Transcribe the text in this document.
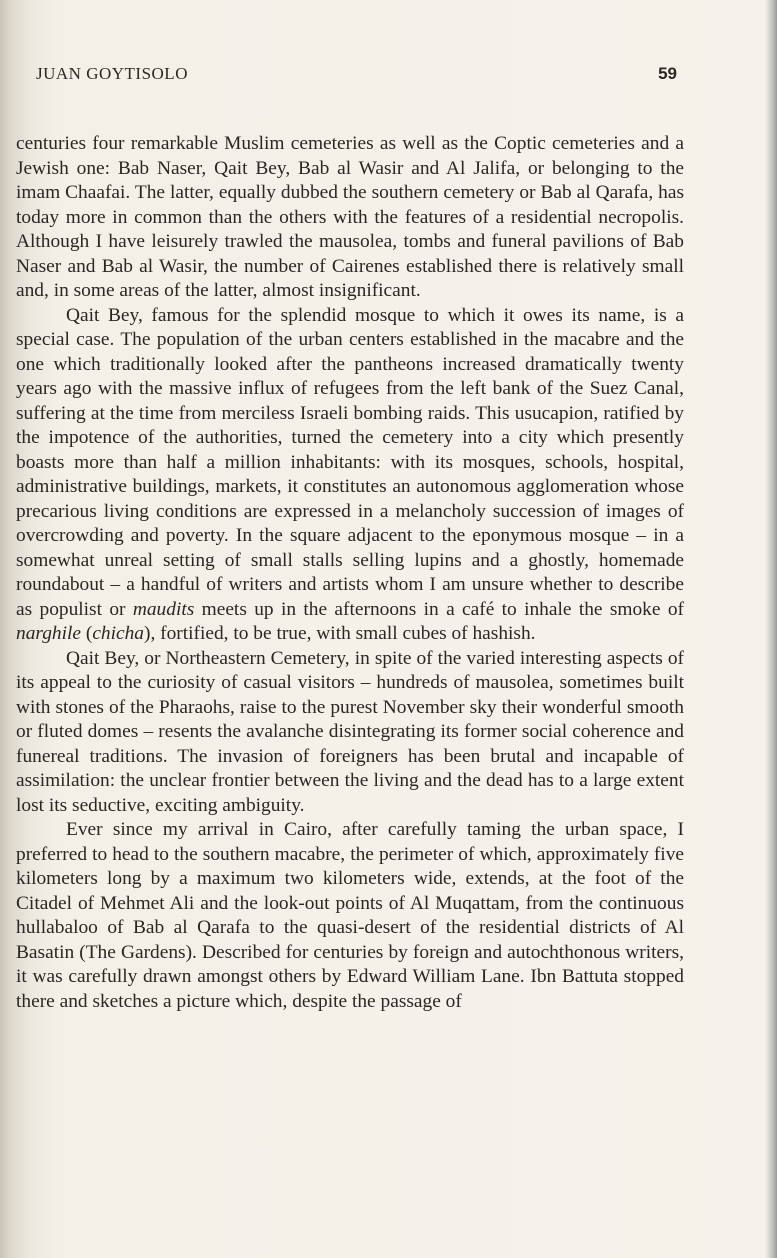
JUAN GOYTISOLO	59

centuries four remarkable Muslim cemeteries as well as the Coptic cemeteries and a Jewish one: Bab Naser, Qait Bey, Bab al Wasir and Al Jalifa, or belonging to the imam Chaafai. The latter, equally dubbed the southern cemetery or Bab al Qarafa, has today more in common than the others with the features of a residential necropolis. Although I have leisurely trawled the mausolea, tombs and funeral pavilions of Bab Naser and Bab al Wasir, the number of Cairenes established there is relatively small and, in some areas of the latter, almost insignificant.

Qait Bey, famous for the splendid mosque to which it owes its name, is a special case. The population of the urban centers established in the macabre and the one which traditionally looked after the pantheons increased dramatically twenty years ago with the massive influx of refugees from the left bank of the Suez Canal, suffering at the time from merciless Israeli bombing raids. This usucapion, ratified by the impotence of the authorities, turned the cemetery into a city which presently boasts more than half a million inhabitants: with its mosques, schools, hospital, administrative buildings, markets, it constitutes an autonomous agglomeration whose precarious living conditions are expressed in a melancholy succession of images of overcrowding and poverty. In the square adjacent to the eponymous mosque – in a somewhat unreal setting of small stalls selling lupins and a ghostly, homemade roundabout – a handful of writers and artists whom I am unsure whether to describe as populist or maudits meets up in the afternoons in a café to inhale the smoke of narghile (chicha), fortified, to be true, with small cubes of hashish.

Qait Bey, or Northeastern Cemetery, in spite of the varied interesting aspects of its appeal to the curiosity of casual visitors – hundreds of mausolea, sometimes built with stones of the Pharaohs, raise to the purest November sky their wonderful smooth or fluted domes – resents the avalanche disintegrating its former social coherence and funereal traditions. The invasion of foreigners has been brutal and incapable of assimilation: the unclear frontier between the living and the dead has to a large extent lost its seductive, exciting ambiguity.

Ever since my arrival in Cairo, after carefully taming the urban space, I preferred to head to the southern macabre, the perimeter of which, approximately five kilometers long by a maximum two kilometers wide, extends, at the foot of the Citadel of Mehmet Ali and the look-out points of Al Muqattam, from the continuous hullabaloo of Bab al Qarafa to the quasi-desert of the residential districts of Al Basatin (The Gardens). Described for centuries by foreign and autochthonous writers, it was carefully drawn amongst others by Edward William Lane. Ibn Battuta stopped there and sketches a picture which, despite the passage of
